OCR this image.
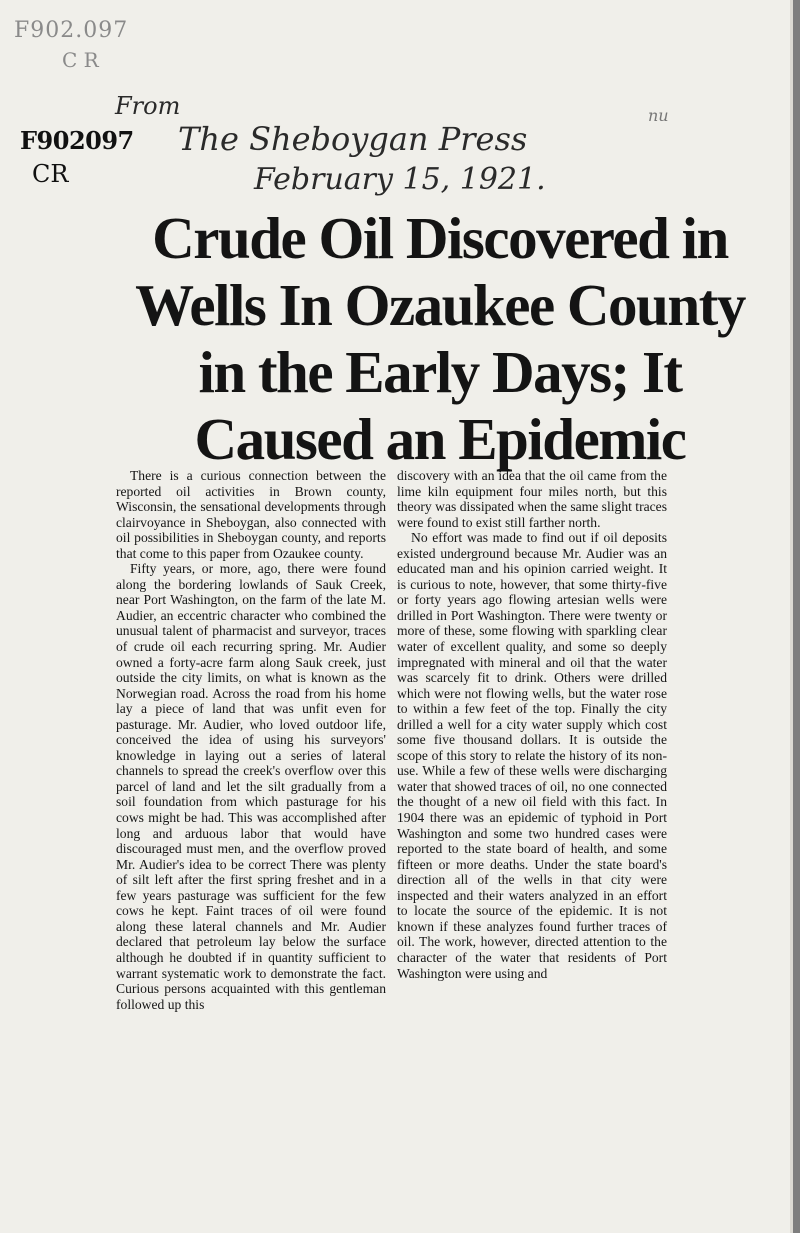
F902.097
C R
F902097
CR
From
The Sheboygan Press
February 15, 1921.
nu
Crude Oil Discovered in
Wells In Ozaukee County
in the Early Days; It
Caused an Epidemic

There is a curious connection between the reported oil activities in Brown county, Wisconsin, the sensational developments through clairvoyance in Sheboygan, also connected with oil possibilities in Sheboygan county, and reports that come to this paper from Ozaukee county.

Fifty years, or more, ago, there were found along the bordering lowlands of Sauk Creek, near Port Washington, on the farm of the late M. Audier, an eccentric character who combined the unusual talent of pharmacist and surveyor, traces of crude oil each recurring spring. Mr. Audier owned a forty-acre farm along Sauk creek, just outside the city limits, on what is known as the Norwegian road. Across the road from his home lay a piece of land that was unfit even for pasturage. Mr. Audier, who loved outdoor life, conceived the idea of using his surveyors' knowledge in laying out a series of lateral channels to spread the creek's overflow over this parcel of land and let the silt gradually from a soil foundation from which pasturage for his cows might be had. This was accomplished after long and arduous labor that would have discouraged must men, and the overflow proved Mr. Audier's idea to be correct There was plenty of silt left after the first spring freshet and in a few years pasturage was sufficient for the few cows he kept. Faint traces of oil were found along these lateral channels and Mr. Audier declared that petroleum lay below the surface although he doubted if in quantity sufficient to warrant systematic work to demonstrate the fact. Curious persons acquainted with this gentleman followed up this

discovery with an idea that the oil came from the lime kiln equipment four miles north, but this theory was dissipated when the same slight traces were found to exist still farther north.

No effort was made to find out if oil deposits existed underground because Mr. Audier was an educated man and his opinion carried weight. It is curious to note, however, that some thirty-five or forty years ago flowing artesian wells were drilled in Port Washington. There were twenty or more of these, some flowing with sparkling clear water of excellent quality, and some so deeply impregnated with mineral and oil that the water was scarcely fit to drink. Others were drilled which were not flowing wells, but the water rose to within a few feet of the top. Finally the city drilled a well for a city water supply which cost some five thousand dollars. It is outside the scope of this story to relate the history of its non-use. While a few of these wells were discharging water that showed traces of oil, no one connected the thought of a new oil field with this fact. In 1904 there was an epidemic of typhoid in Port Washington and some two hundred cases were reported to the state board of health, and some fifteen or more deaths. Under the state board's direction all of the wells in that city were inspected and their waters analyzed in an effort to locate the source of the epidemic. It is not known if these analyzes found further traces of oil. The work, however, directed attention to the character of the water that residents of Port Washington were using and
